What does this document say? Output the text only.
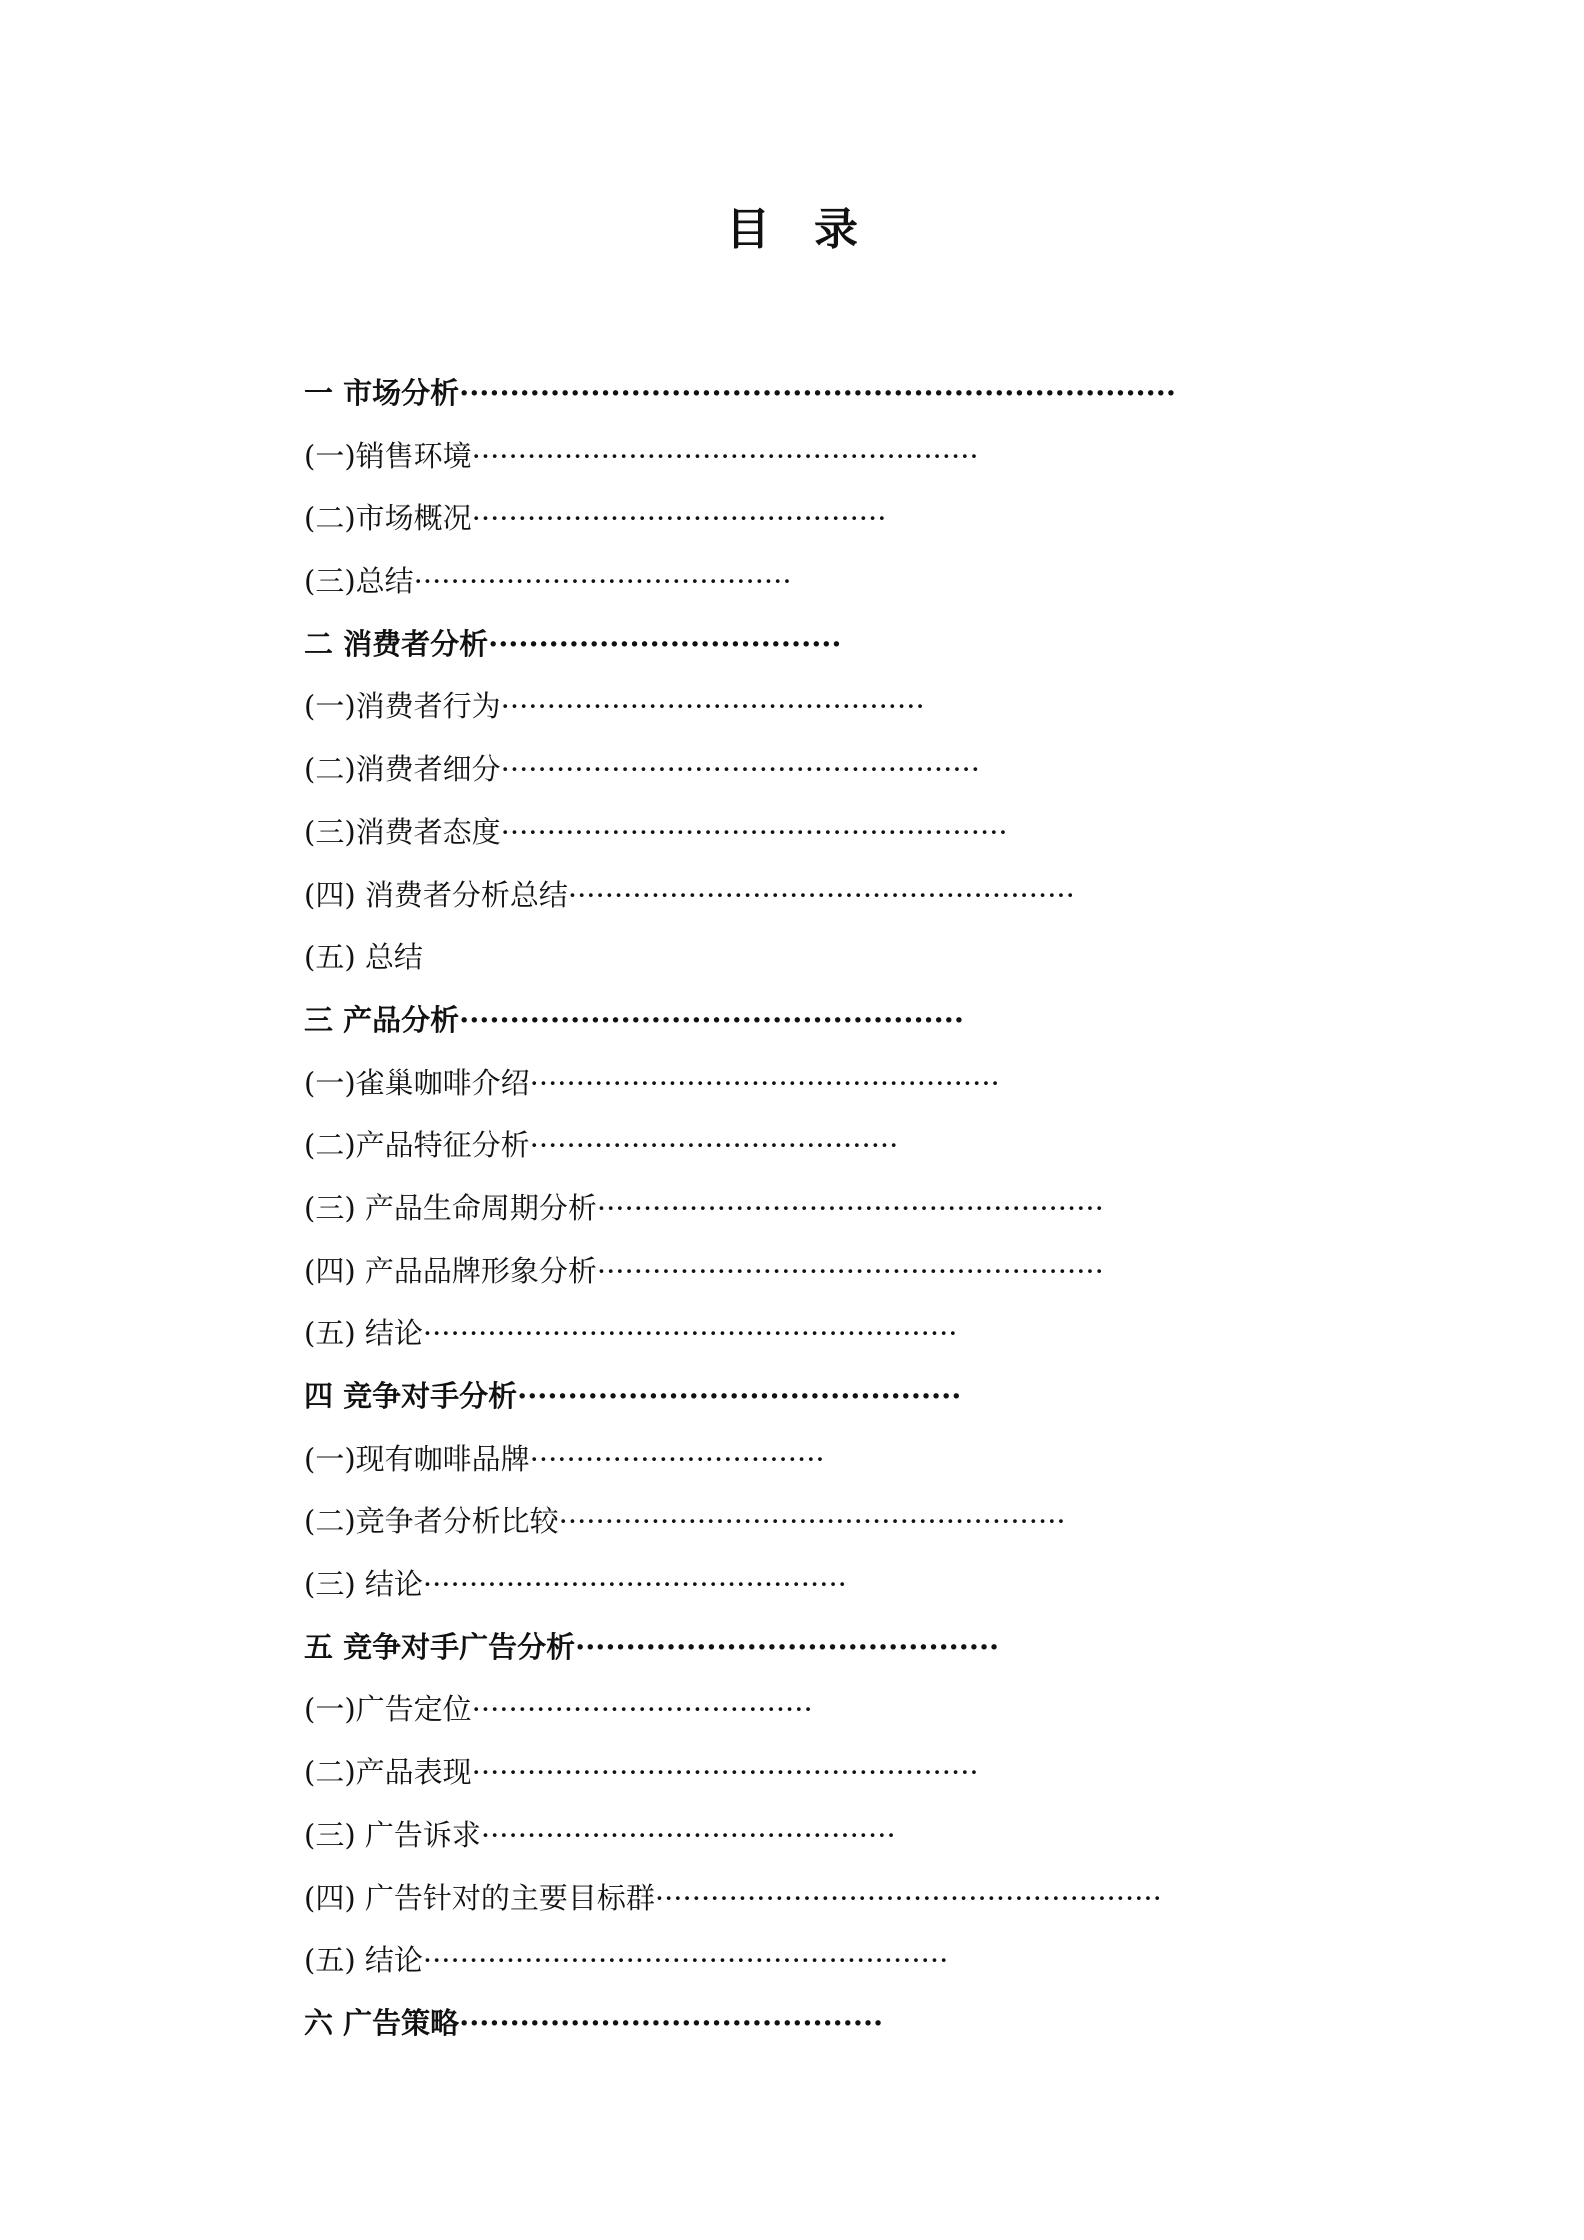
目　录
一 市场分析·······································································
(一)销售环境·······················································
(二)市场概况·············································
(三)总结·········································
二 消费者分析···································
(一)消费者行为··············································
(二)消费者细分····················································
(三)消费者态度·······················································
(四) 消费者分析总结·······················································
(五) 总结
三 产品分析··················································
(一)雀巢咖啡介绍···················································
(二)产品特征分析········································
(三) 产品生命周期分析·······················································
(四) 产品品牌形象分析·······················································
(五) 结论··························································
四 竞争对手分析············································
(一)现有咖啡品牌································
(二)竞争者分析比较·······················································
(三) 结论··············································
五 竞争对手广告分析··········································
(一)广告定位·····································
(二)产品表现·······················································
(三) 广告诉求·············································
(四) 广告针对的主要目标群·······················································
(五) 结论·························································
六 广告策略··········································
